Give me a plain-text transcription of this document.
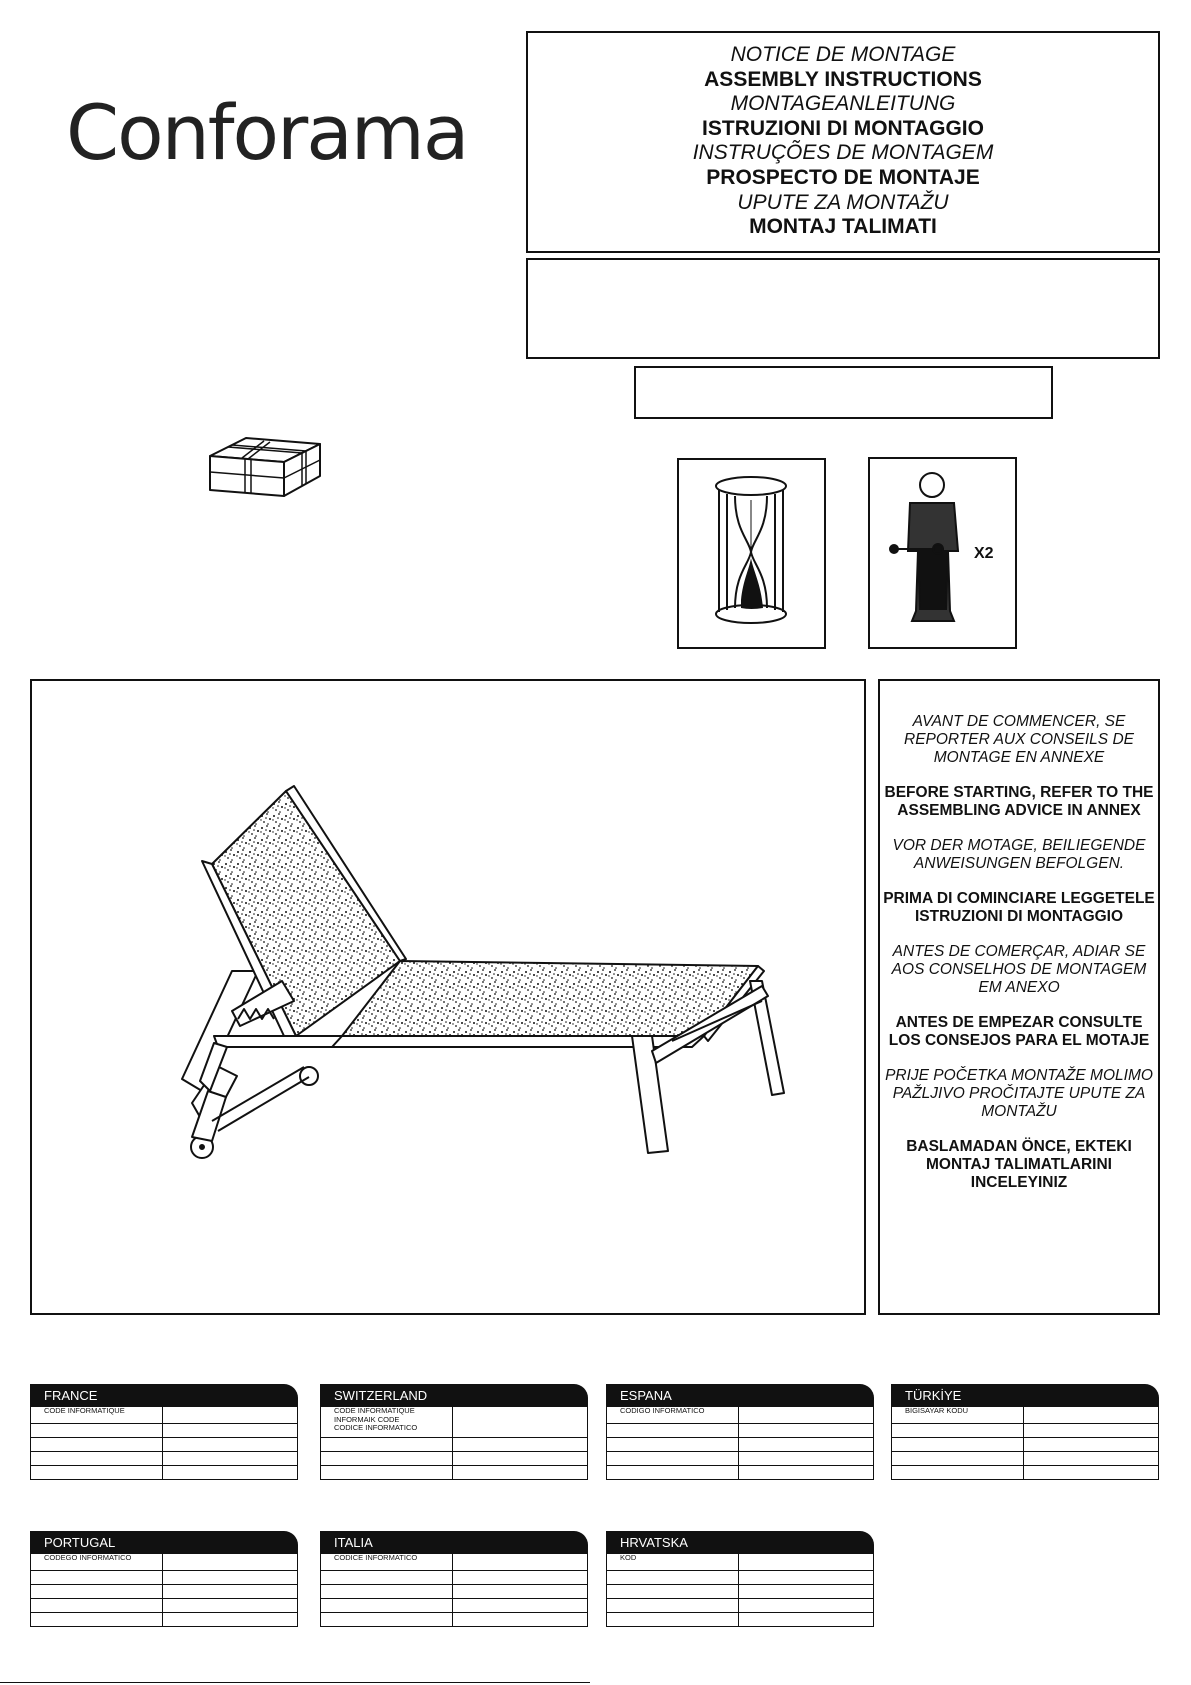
Conforama
NOTICE DE MONTAGE
ASSEMBLY INSTRUCTIONS
MONTAGEANLEITUNG
ISTRUZIONI DI MONTAGGIO
INSTRUÇÕES DE MONTAGEM
PROSPECTO DE MONTAJE
UPUTE ZA MONTAŽU
MONTAJ TALIMATI
X2

AVANT DE COMMENCER, SE REPORTER AUX CONSEILS DE MONTAGE EN ANNEXE

BEFORE STARTING, REFER TO THE ASSEMBLING ADVICE IN ANNEX

VOR DER MOTAGE, BEILIEGENDE ANWEISUNGEN BEFOLGEN.

PRIMA DI COMINCIARE LEGGETELE ISTRUZIONI DI MONTAGGIO

ANTES DE COMERÇAR, ADIAR SE AOS CONSELHOS DE MONTAGEM EM ANEXO

ANTES DE EMPEZAR CONSULTE LOS CONSEJOS PARA EL MOTAJE

PRIJE POČETKA MONTAŽE MOLIMO PAŽLJIVO PROČITAJTE UPUTE ZA MONTAŽU

BASLAMADAN ÖNCE, EKTEKI MONTAJ TALIMATLARINI INCELEYINIZ

FRANCE
CODE INFORMATIQUE	

SWITZERLAND
CODE INFORMATIQUE
INFORMAIK CODE
CODICE INFORMATICO	

ESPANA
CODIGO INFORMATICO	

TÜRKİYE
BİGİSAYAR KODU	

PORTUGAL
CODEGO INFORMATICO	

ITALIA
CODICE INFORMATICO	

HRVATSKA
KOD	
